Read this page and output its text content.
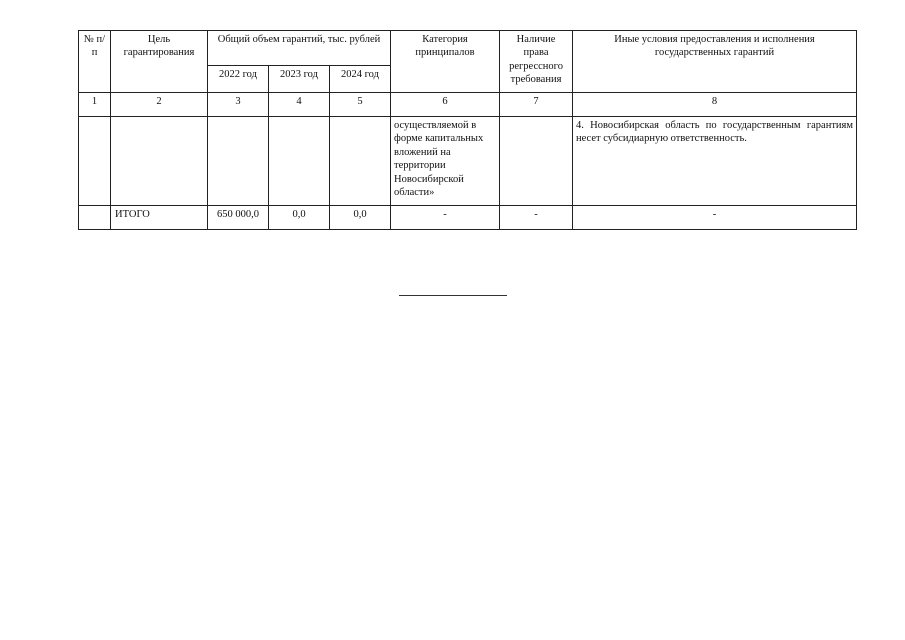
№ п/п	Цель гарантирования	Общий объем гарантий, тыс. рублей			Категория принципалов	Наличие права регрессного требования	Иные условия предоставления и исполнения государственных гарантий
		2022 год	2023 год	2024 год			
1	2	3	4	5	6	7	8
					осуществляемой в форме капитальных вложений на территории Новосибирской области»		4. Новосибирская область по государственным гарантиям несет субсидиарную ответственность.
	ИТОГО	650 000,0	0,0	0,0	-	-	-
